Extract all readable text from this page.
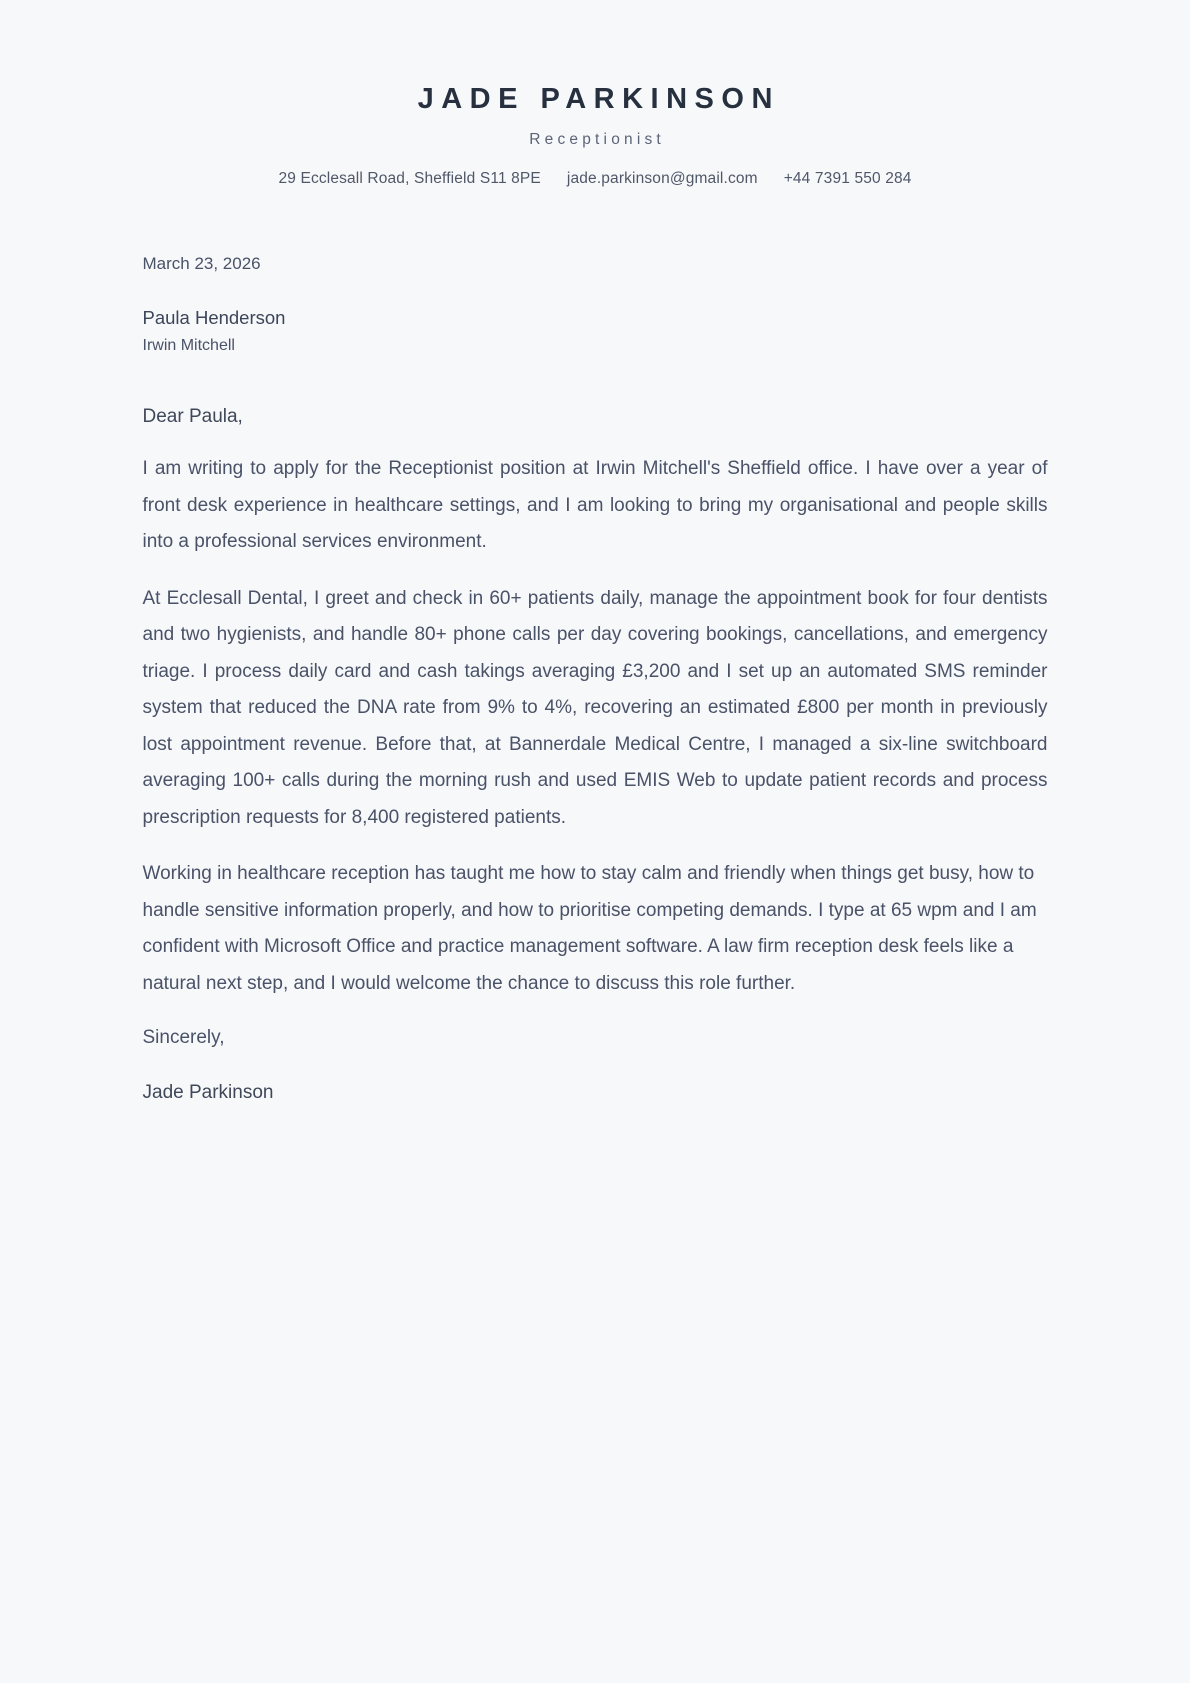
JADE PARKINSON
Receptionist
29 Ecclesall Road, Sheffield S11 8PE jade.parkinson@gmail.com +44 7391 550 284
March 23, 2026
Paula Henderson
Irwin Mitchell
Dear Paula,

I am writing to apply for the Receptionist position at Irwin Mitchell's Sheffield office. I have over a year of front desk experience in healthcare settings, and I am looking to bring my organisational and people skills into a professional services environment.

At Ecclesall Dental, I greet and check in 60+ patients daily, manage the appointment book for four dentists and two hygienists, and handle 80+ phone calls per day covering bookings, cancellations, and emergency triage. I process daily card and cash takings averaging £3,200 and I set up an automated SMS reminder system that reduced the DNA rate from 9% to 4%, recovering an estimated £800 per month in previously lost appointment revenue. Before that, at Bannerdale Medical Centre, I managed a six-line switchboard averaging 100+ calls during the morning rush and used EMIS Web to update patient records and process prescription requests for 8,400 registered patients.

Working in healthcare reception has taught me how to stay calm and friendly when things get busy, how to handle sensitive information properly, and how to prioritise competing demands. I type at 65 wpm and I am confident with Microsoft Office and practice management software. A law firm reception desk feels like a natural next step, and I would welcome the chance to discuss this role further.

Sincerely,
Jade Parkinson
